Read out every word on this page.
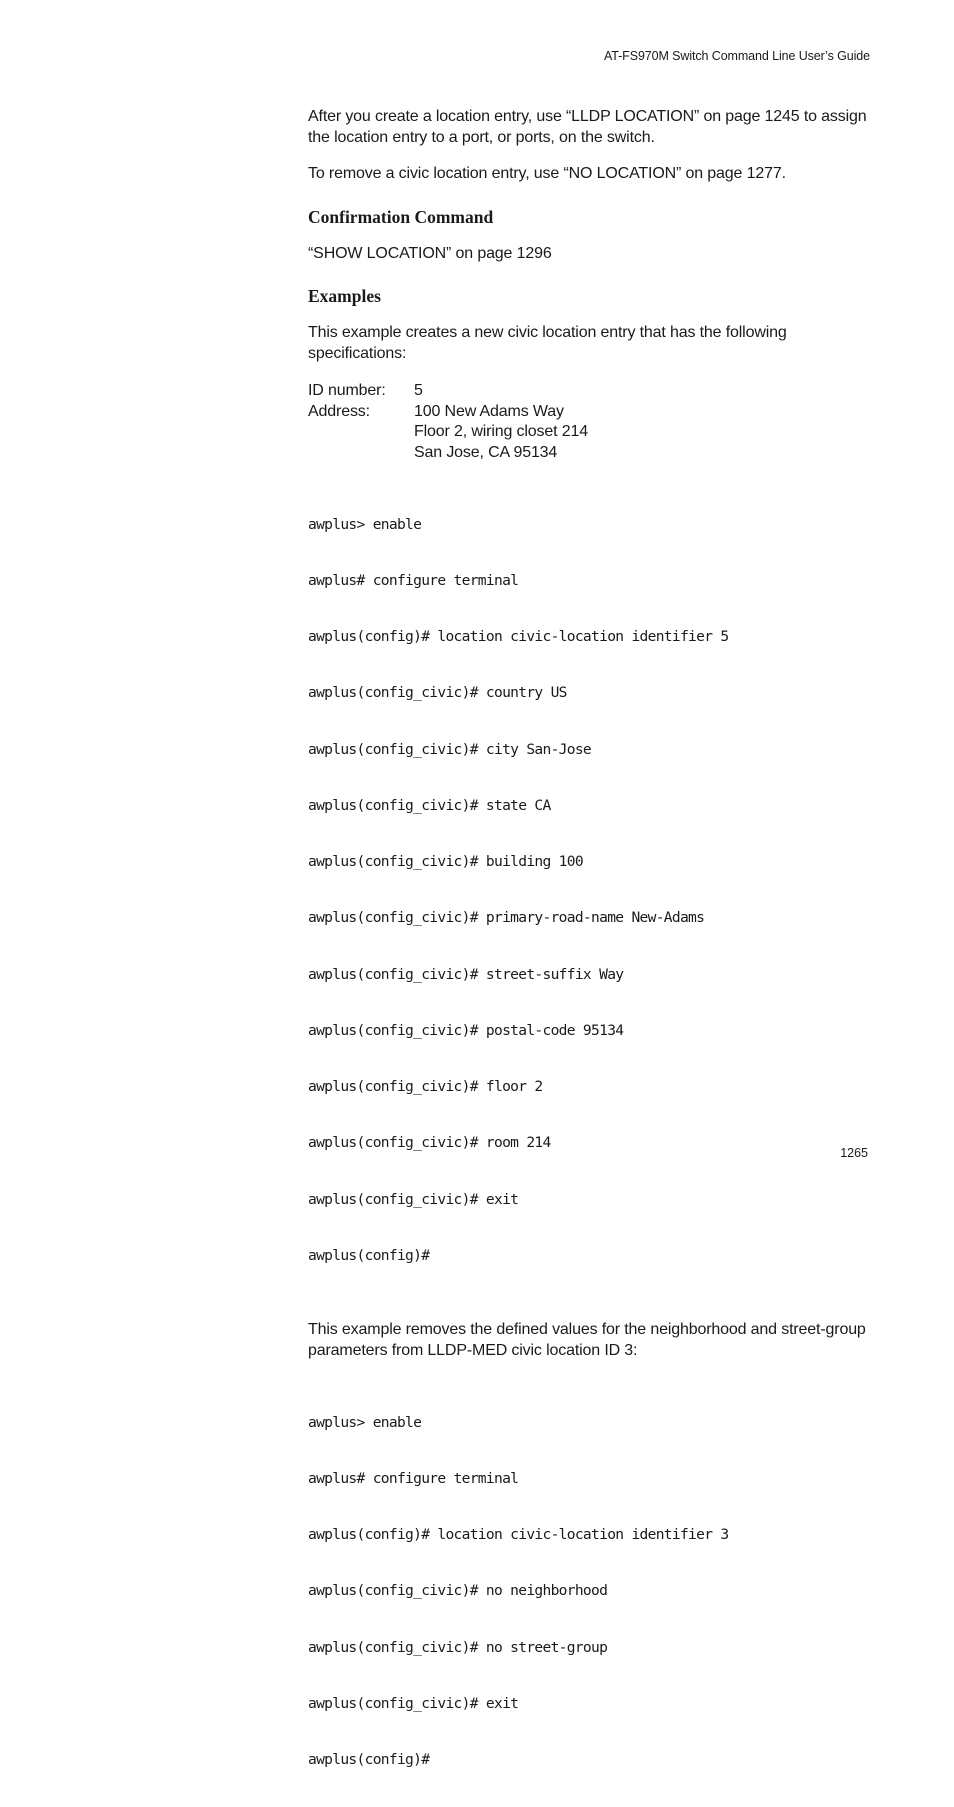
AT-FS970M Switch Command Line User’s Guide

After you create a location entry, use “LLDP LOCATION” on page 1245 to assign the location entry to a port, or ports, on the switch.

To remove a civic location entry, use “NO LOCATION” on page 1277.

Confirmation Command

“SHOW LOCATION” on page 1296

Examples

This example creates a new civic location entry that has the following specifications:

ID number:	5
Address:	100 New Adams Way
Floor 2, wiring closet 214
San Jose, CA 95134

awplus> enable

awplus# configure terminal

awplus(config)# location civic-location identifier 5

awplus(config_civic)# country US

awplus(config_civic)# city San-Jose

awplus(config_civic)# state CA

awplus(config_civic)# building 100

awplus(config_civic)# primary-road-name New-Adams

awplus(config_civic)# street-suffix Way

awplus(config_civic)# postal-code 95134

awplus(config_civic)# floor 2

awplus(config_civic)# room 214

awplus(config_civic)# exit

awplus(config)#

This example removes the defined values for the neighborhood and street-group parameters from LLDP-MED civic location ID 3:

awplus> enable

awplus# configure terminal

awplus(config)# location civic-location identifier 3

awplus(config_civic)# no neighborhood

awplus(config_civic)# no street-group

awplus(config_civic)# exit

awplus(config)#

1265
